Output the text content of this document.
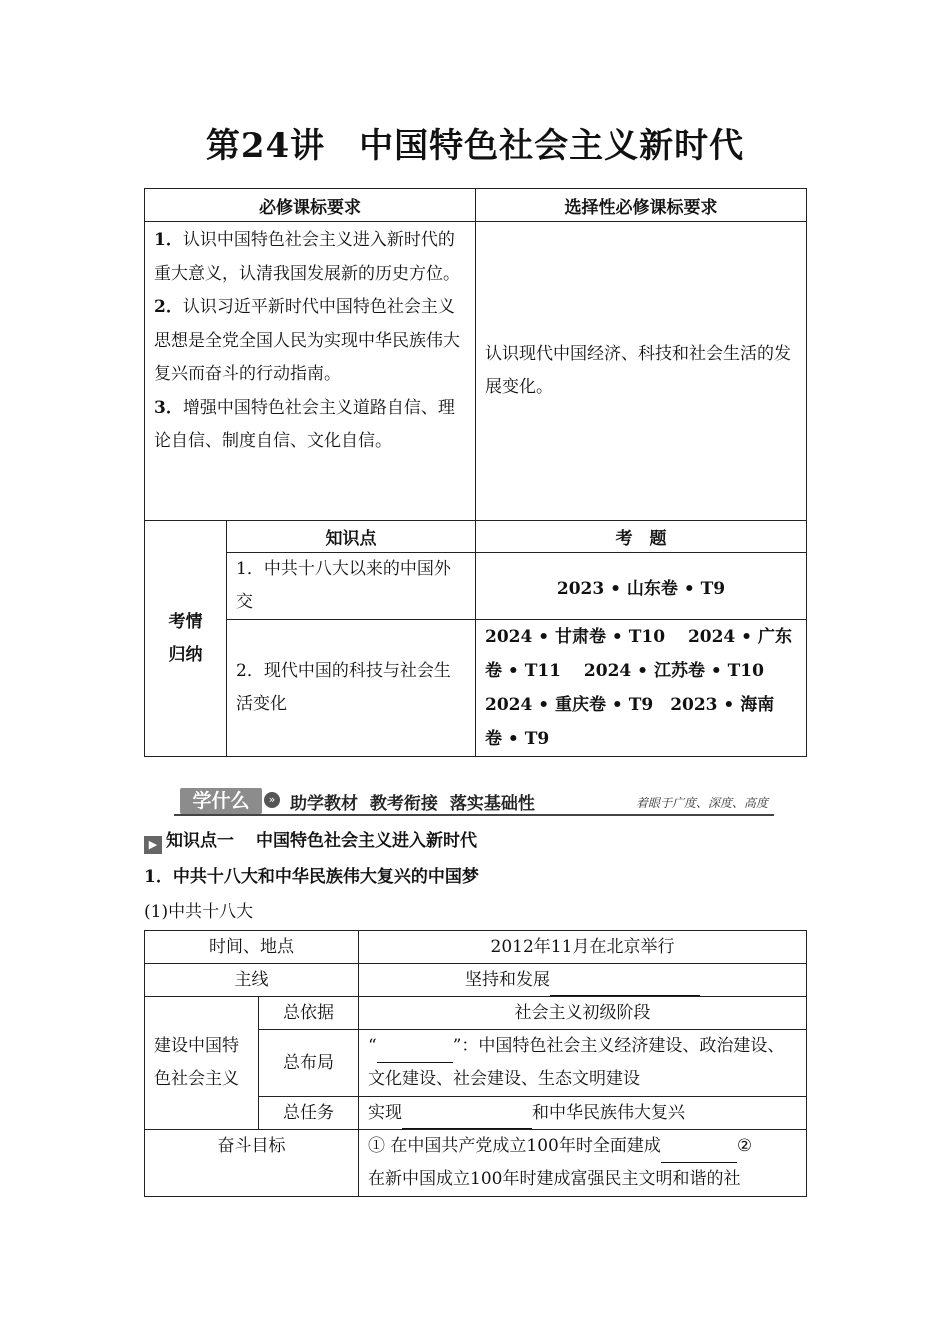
第24讲 中国特色社会主义新时代
必修课标要求		选择性必修课标要求

1．认识中国特色社会主义进入新时代的重大意义，认清我国发展新的历史方位。

2．认识习近平新时代中国特色社会主义思想是全党全国人民为实现中华民族伟大复兴而奋斗的行动指南。

3．增强中国特色社会主义道路自信、理论自信、制度自信、文化自信。		认识现代中国经济、科技和社会生活的发展变化。
考情
归纳	知识点	考　题
	1．中共十八大以来的中国外交	2023 • 山东卷 • T9
	2．现代中国的科技与社会生活变化	2024 • 甘肃卷 • T10　 2024 • 广东
卷 • T11　 2024 • 江苏卷 • T10
2024 • 重庆卷 • T9　2023 • 海南
卷 • T9
学什么	» 助学教材 教考衔接 落实基础性	着眼于广度、深度、高度
▶ 知识点一 中国特色社会主义进入新时代
1．中共十八大和中华民族伟大复兴的中国梦
(1)中共十八大
时间、地点		2012年11月在北京举行
主线		坚持和发展
建设中国特色社会主义	总依据	社会主义初级阶段
	总布局	“ ”：中国特色社会主义经济建设、政治建设、文化建设、社会建设、生态文明建设
	总任务	实现 和中华民族伟大复兴
奋斗目标		① 在中国共产党成立100年时全面建成 ②
在新中国成立100年时建成富强民主文明和谐的社
